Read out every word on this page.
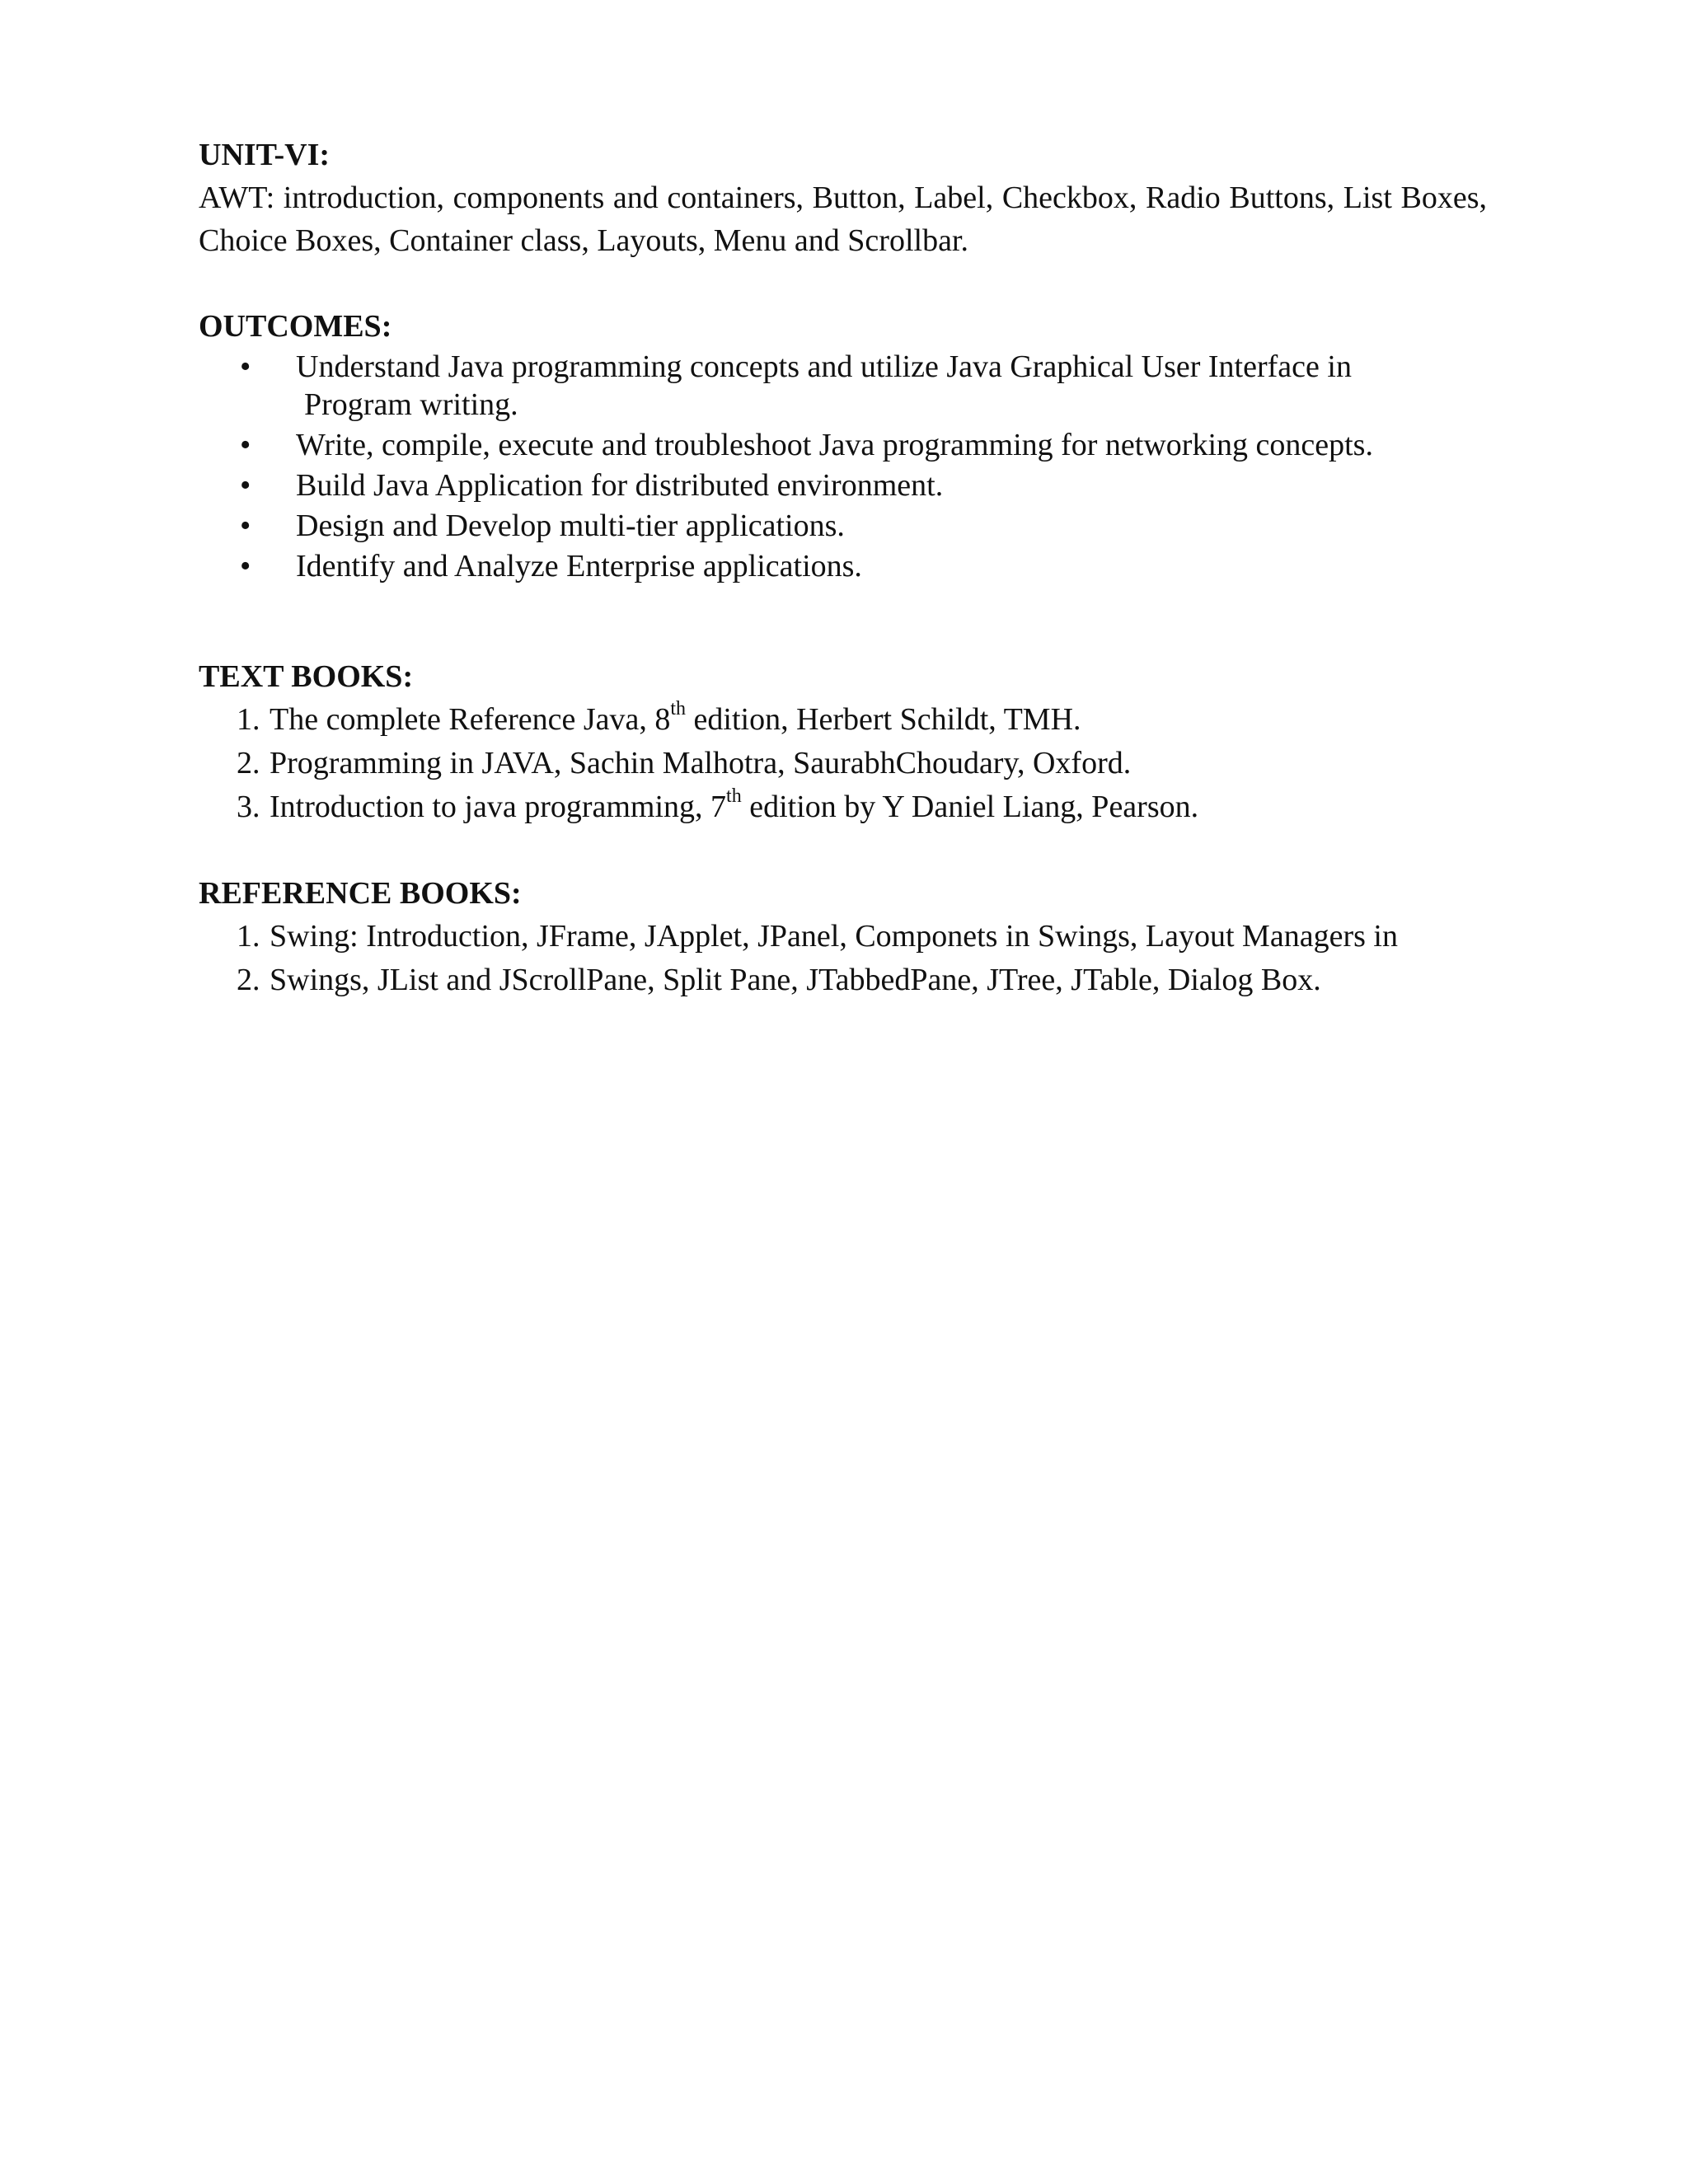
UNIT-VI:

AWT: introduction, components and containers, Button, Label, Checkbox, Radio Buttons, List Boxes, Choice Boxes, Container class, Layouts, Menu and Scrollbar.

OUTCOMES:

• Understand Java programming concepts and utilize Java Graphical User Interface in
Program writing.
• Write, compile, execute and troubleshoot Java programming for networking concepts.
• Build Java Application for distributed environment.
• Design and Develop multi-tier applications.
• Identify and Analyze Enterprise applications.

TEXT BOOKS:

1. The complete Reference Java, 8th edition, Herbert Schildt, TMH.
2. Programming in JAVA, Sachin Malhotra, SaurabhChoudary, Oxford.
3. Introduction to java programming, 7th edition by Y Daniel Liang, Pearson.

REFERENCE BOOKS:

1. Swing: Introduction, JFrame, JApplet, JPanel, Componets in Swings, Layout Managers in
2. Swings, JList and JScrollPane, Split Pane, JTabbedPane, JTree, JTable, Dialog Box.
